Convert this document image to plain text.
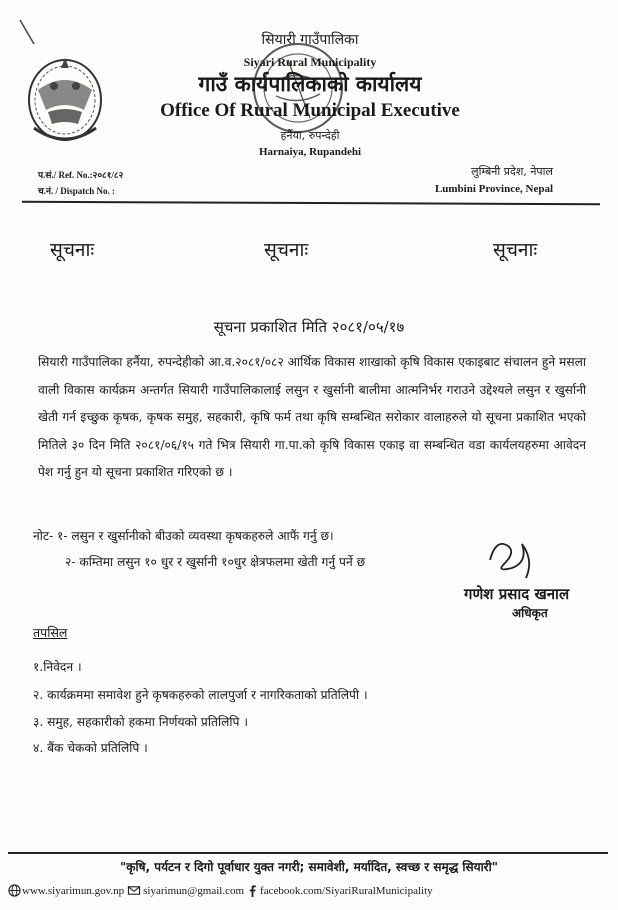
सियारी गाउँपालिका
Siyari Rural Municipality
गाउँ कार्यपालिकाको कार्यालय
Office Of Rural Municipal Executive
हर्नैया, रुपन्देही
Harnaiya, Rupandehi
प.सं./ Ref. No.:२०८१/८२
च.नं. / Dispatch No. :
लुम्बिनी प्रदेश, नेपाल
Lumbini Province, Nepal
सूचनाः	सूचनाः	सूचनाः
सूचना प्रकाशित मिति २०८१/०५/१७

सियारी गाउँपालिका हर्नैया, रुपन्देहीको आ.व.२०८१/०८२ आर्थिक विकास शाखाको कृषि विकास एकाइबाट संचालन हुने मसला वाली विकास कार्यक्रम अन्तर्गत सियारी गाउँपालिकालाई लसुन र खुर्सानी बालीमा आत्मनिर्भर गराउने उद्देश्यले लसुन र खुर्सानी खेती गर्न इच्छुक कृषक, कृषक समुह, सहकारी, कृषि फर्म तथा कृषि सम्बन्धित सरोकार वालाहरुले यो सूचना प्रकाशित भएको मितिले ३० दिन मिति २०८१/०६/१५ गते भित्र सियारी गा.पा.को कृषि विकास एकाइ वा सम्बन्धित वडा कार्यलयहरुमा आवेदन पेश गर्नु हुन यो सूचना प्रकाशित गरिएको छ ।

नोट- १- लसुन र खुर्सानीको बीउको व्यवस्था कृषकहरुले आफैं गर्नु छ।
२- कम्तिमा लसुन १० धुर र खुर्सानी १०धुर क्षेत्रफलमा खेती गर्नु पर्ने छ
गणेश प्रसाद खनाल
अधिकृत
तपसिल
१.निवेदन ।
२. कार्यक्रममा समावेश हुने कृषकहरुको लालपुर्जा र नागरिकताको प्रतिलिपी ।
३. समुह, सहकारीको हकमा निर्णयको प्रतिलिपि ।
४. बैंक चेकको प्रतिलिपि ।
"कृषि, पर्यटन र दिगो पूर्वाधार युक्त नगरी; समावेशी, मर्यादित, स्वच्छ र समृद्ध सियारी"
www.siyarimun.gov.np siyarimun@gmail.com facebook.com/SiyariRuralMunicipality
